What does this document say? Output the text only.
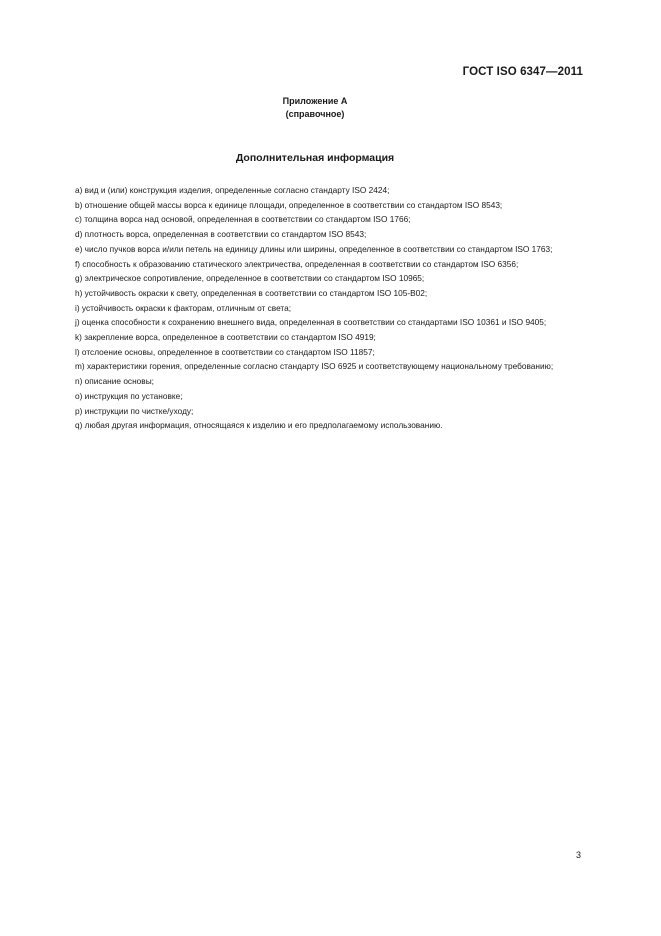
ГОСТ ISO 6347—2011
Приложение А
(справочное)
Дополнительная информация

a) вид и (или) конструкция изделия, определенные согласно стандарту ISO 2424;

b) отношение общей массы ворса к единице площади, определенное в соответствии со стандартом ISO 8543;

c) толщина ворса над основой, определенная в соответствии со стандартом ISO 1766;

d) плотность ворса, определенная в соответствии со стандартом ISO 8543;

e) число пучков ворса и/или петель на единицу длины или ширины, определенное в соответствии со стандартом ISO 1763;

f) способность к образованию статического электричества, определенная в соответствии со стандартом ISO 6356;

g) электрическое сопротивление, определенное в соответствии со стандартом ISO 10965;

h) устойчивость окраски к свету, определенная в соответствии со стандартом ISO 105-B02;

i) устойчивость окраски к факторам, отличным от света;

j) оценка способности к сохранению внешнего вида, определенная в соответствии со стандартами ISO 10361 и ISO 9405;

k) закрепление ворса, определенное в соответствии со стандартом ISO 4919;

l) отслоение основы, определенное в соответствии со стандартом ISO 11857;

m) характеристики горения, определенные согласно стандарту ISO 6925 и соответствующему национальному требованию;

n) описание основы;

o) инструкция по установке;

p) инструкции по чистке/уходу;

q) любая другая информация, относящаяся к изделию и его предполагаемому использованию.

3
